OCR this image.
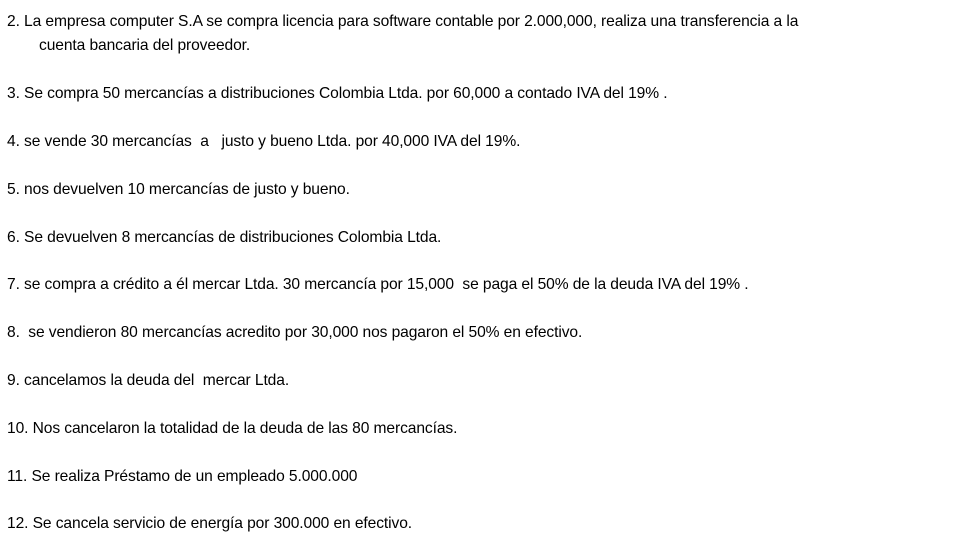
2. La empresa computer S.A se compra licencia para software contable por 2.000,000, realiza una transferencia a la
cuenta bancaria del proveedor.
3. Se compra 50 mercancías a distribuciones Colombia Ltda. por 60,000 a contado IVA del 19% .
4. se vende 30 mercancías  a   justo y bueno Ltda. por 40,000 IVA del 19%.
5. nos devuelven 10 mercancías de justo y bueno.
6. Se devuelven 8 mercancías de distribuciones Colombia Ltda.
7. se compra a crédito a él mercar Ltda. 30 mercancía por 15,000  se paga el 50% de la deuda IVA del 19% .
8.  se vendieron 80 mercancías acredito por 30,000 nos pagaron el 50% en efectivo.
9. cancelamos la deuda del  mercar Ltda.
10. Nos cancelaron la totalidad de la deuda de las 80 mercancías.
11. Se realiza Préstamo de un empleado 5.000.000
12. Se cancela servicio de energía por 300.000 en efectivo.
